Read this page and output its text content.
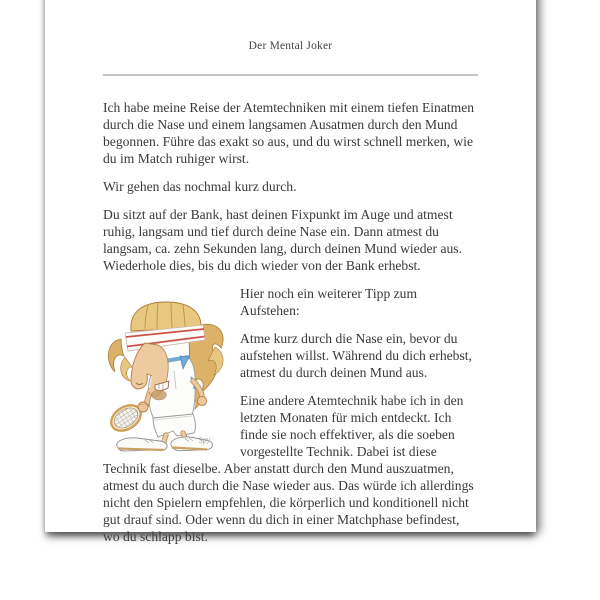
Der Mental Joker

Ich habe meine Reise der Atemtechniken mit einem tiefen Einatmen durch die Nase und einem langsamen Ausatmen durch den Mund begonnen. Führe das exakt so aus, und du wirst schnell merken, wie du im Match ruhiger wirst.

Wir gehen das nochmal kurz durch.

Du sitzt auf der Bank, hast deinen Fixpunkt im Auge und atmest ruhig, langsam und tief durch deine Nase ein. Dann atmest du langsam, ca. zehn Sekunden lang, durch deinen Mund wieder aus. Wiederhole dies, bis du dich wieder von der Bank erhebst.

Spy

Hier noch ein weiterer Tipp zum Aufstehen:

Atme kurz durch die Nase ein, bevor du aufstehen willst. Während du dich erhebst, atmest du durch deinen Mund aus.

Eine andere Atemtechnik habe ich in den letzten Monaten für mich entdeckt. Ich finde sie noch effektiver, als die soeben vorgestellte Technik. Dabei ist diese Technik fast dieselbe. Aber anstatt durch den Mund auszuatmen, atmest du auch durch die Nase wieder aus. Das würde ich allerdings nicht den Spielern empfehlen, die körperlich und konditionell nicht gut drauf sind. Oder wenn du dich in einer Matchphase befindest, wo du schlapp bist.
